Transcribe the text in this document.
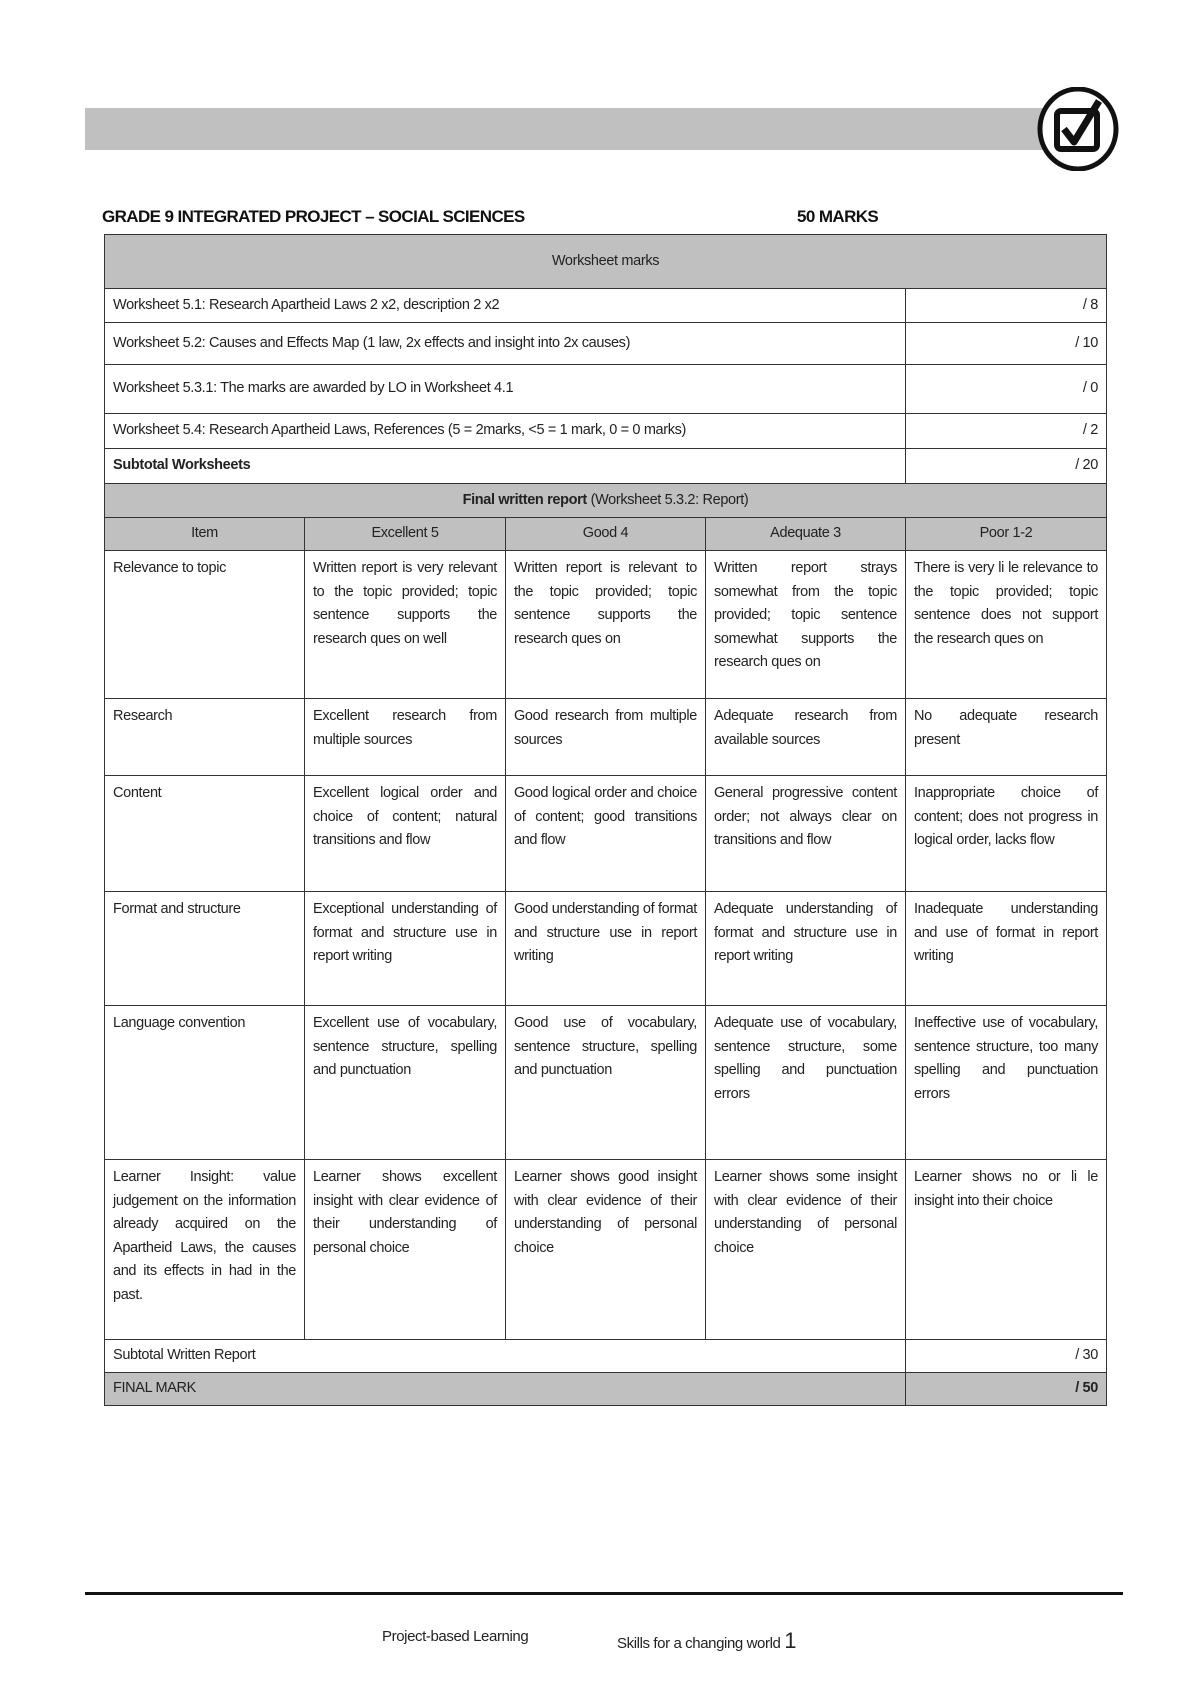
GRADE 9 INTEGRATED PROJECT – SOCIAL SCIENCES	50 MARKS
Worksheet marks				
Worksheet 5.1: Research Apartheid Laws 2 x2, description 2 x2				/ 8
Worksheet 5.2: Causes and Effects Map (1 law, 2x effects and insight into 2x causes)				/ 10
Worksheet 5.3.1: The marks are awarded by LO in Worksheet 4.1				/ 0
Worksheet 5.4: Research Apartheid Laws, References (5 = 2marks, <5 = 1 mark, 0 = 0 marks)				/ 2
Subtotal Worksheets				/ 20
Final written report (Worksheet 5.3.2: Report)				
Item	Excellent 5	Good 4	Adequate 3	Poor 1-2
Relevance to topic	Written report is very relevant to the topic provided; topic sentence supports the research ques on well	Written report is relevant to the topic provided; topic sentence supports the research ques on	Written report strays somewhat from the topic provided; topic sentence somewhat supports the research ques on	There is very li le relevance to the topic provided; topic sentence does not support the research ques on
Research	Excellent research from multiple sources	Good research from multiple sources	Adequate research from available sources	No adequate research present
Content	Excellent logical order and choice of content; natural transitions and flow	Good logical order and choice of content; good transitions and flow	General progressive content order; not always clear on transitions and flow	Inappropriate choice of content; does not progress in logical order, lacks flow
Format and structure	Exceptional understanding of format and structure use in report writing	Good understanding of format and structure use in report writing	Adequate understanding of format and structure use in report writing	Inadequate understanding and use of format in report writing
Language convention	Excellent use of vocabulary, sentence structure, spelling and punctuation	Good use of vocabulary, sentence structure, spelling and punctuation	Adequate use of vocabulary, sentence structure, some spelling and punctuation errors	Ineffective use of vocabulary, sentence structure, too many spelling and punctuation errors
Learner Insight: value judgement on the information already acquired on the Apartheid Laws, the causes and its effects in had in the past.	Learner shows excellent insight with clear evidence of their understanding of personal choice	Learner shows good insight with clear evidence of their understanding of personal choice	Learner shows some insight with clear evidence of their understanding of personal choice	Learner shows no or li le insight into their choice
Subtotal Written Report				/ 30
FINAL MARK				/ 50
Project-based Learning	Skills for a changing world 1
